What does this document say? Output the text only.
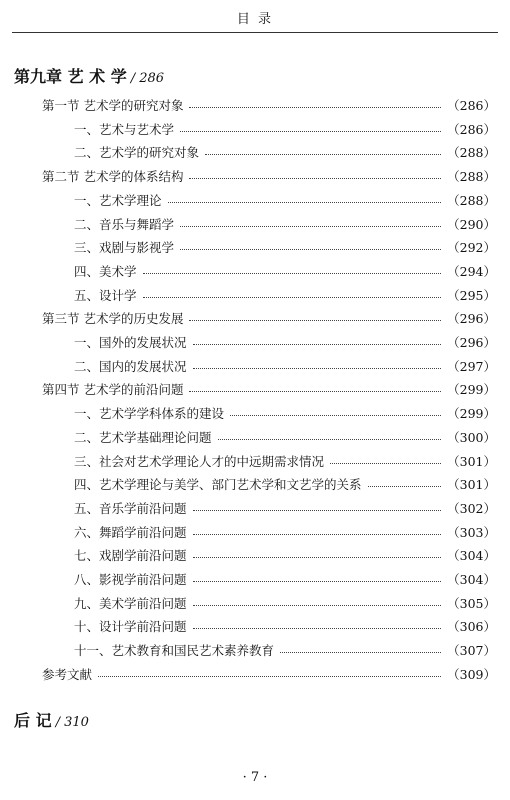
目 录
第九章 艺 术 学 / 286
第一节 艺术学的研究对象	（286）
一、艺术与艺术学	（286）
二、艺术学的研究对象	（288）
第二节 艺术学的体系结构	（288）
一、艺术学理论	（288）
二、音乐与舞蹈学	（290）
三、戏剧与影视学	（292）
四、美术学	（294）
五、设计学	（295）
第三节 艺术学的历史发展	（296）
一、国外的发展状况	（296）
二、国内的发展状况	（297）
第四节 艺术学的前沿问题	（299）
一、艺术学学科体系的建设	（299）
二、艺术学基础理论问题	（300）
三、社会对艺术学理论人才的中远期需求情况	（301）
四、艺术学理论与美学、部门艺术学和文艺学的关系	（301）
五、音乐学前沿问题	（302）
六、舞蹈学前沿问题	（303）
七、戏剧学前沿问题	（304）
八、影视学前沿问题	（304）
九、美术学前沿问题	（305）
十、设计学前沿问题	（306）
十一、艺术教育和国民艺术素养教育	（307）
参考文献	（309）
后 记 / 310
· 7 ·
